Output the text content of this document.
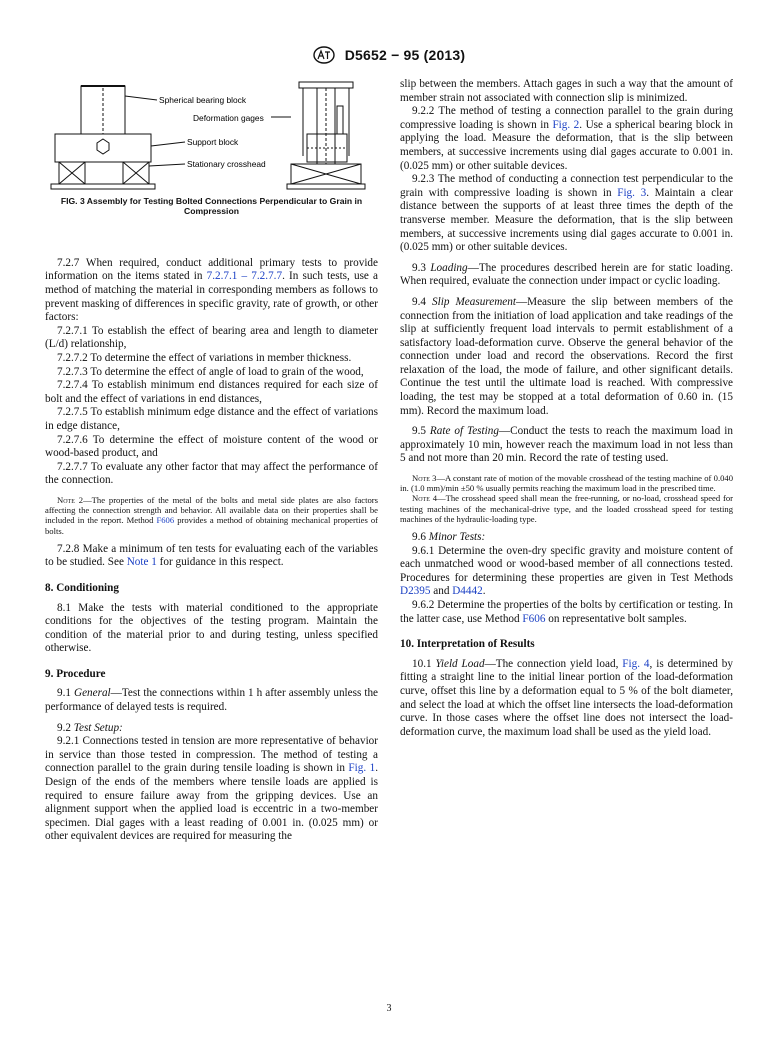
D5652 − 95 (2013)
Spherical bearing block
Deformation gages
Support block
Stationary crosshead
FIG. 3 Assembly for Testing Bolted Connections Perpendicular to Grain in Compression

7.2.7 When required, conduct additional primary tests to provide information on the items stated in 7.2.7.1 – 7.2.7.7. In such tests, use a method of matching the material in corresponding members as follows to prevent masking of differences in specific gravity, rate of growth, or other factors:

7.2.7.1 To establish the effect of bearing area and length to diameter (L/d) relationship,

7.2.7.2 To determine the effect of variations in member thickness.

7.2.7.3 To determine the effect of angle of load to grain of the wood,

7.2.7.4 To establish minimum end distances required for each size of bolt and the effect of variations in end distances,

7.2.7.5 To establish minimum edge distance and the effect of variations in edge distance,

7.2.7.6 To determine the effect of moisture content of the wood or wood-based product, and

7.2.7.7 To evaluate any other factor that may affect the performance of the connection.

Note 2—The properties of the metal of the bolts and metal side plates are also factors affecting the connection strength and behavior. All available data on their properties shall be included in the report. Method F606 provides a method of obtaining mechanical properties of bolts.

7.2.8 Make a minimum of ten tests for evaluating each of the variables to be studied. See Note 1 for guidance in this respect.

8. Conditioning

8.1 Make the tests with material conditioned to the appropriate conditions for the objectives of the testing program. Maintain the condition of the material prior to and during testing, unless specified otherwise.

9. Procedure

9.1 General—Test the connections within 1 h after assembly unless the performance of delayed tests is required.

9.2 Test Setup:

9.2.1 Connections tested in tension are more representative of behavior in service than those tested in compression. The method of testing a connection parallel to the grain during tensile loading is shown in Fig. 1. Design of the ends of the members where tensile loads are applied is required to ensure failure away from the gripping devices. Use an alignment support when the applied load is eccentric in a two-member specimen. Dial gages with a least reading of 0.001 in. (0.025 mm) or other equivalent devices are required for measuring the

slip between the members. Attach gages in such a way that the amount of member strain not associated with connection slip is minimized.

9.2.2 The method of testing a connection parallel to the grain during compressive loading is shown in Fig. 2. Use a spherical bearing block in applying the load. Measure the deformation, that is the slip between members, at successive increments using dial gages accurate to 0.001 in. (0.025 mm) or other suitable devices.

9.2.3 The method of conducting a connection test perpendicular to the grain with compressive loading is shown in Fig. 3. Maintain a clear distance between the supports of at least three times the depth of the transverse member. Measure the deformation, that is the slip between members, at successive increments using dial gages accurate to 0.001 in. (0.025 mm) or other suitable devices.

9.3 Loading—The procedures described herein are for static loading. When required, evaluate the connection under impact or cyclic loading.

9.4 Slip Measurement—Measure the slip between members of the connection from the initiation of load application and take readings of the slip at sufficiently frequent load intervals to permit establishment of a satisfactory load-deformation curve. Observe the general behavior of the connection under load and record the observations. Record the first relaxation of the load, the mode of failure, and other significant details. Continue the test until the ultimate load is reached. With compressive loading, the test may be stopped at a total deformation of 0.60 in. (15 mm). Record the maximum load.

9.5 Rate of Testing—Conduct the tests to reach the maximum load in approximately 10 min, however reach the maximum load in not less than 5 and not more than 20 min. Record the rate of testing used.

Note 3—A constant rate of motion of the movable crosshead of the testing machine of 0.040 in. (1.0 mm)/min ±50 % usually permits reaching the maximum load in the prescribed time.

Note 4—The crosshead speed shall mean the free-running, or no-load, crosshead speed for testing machines of the mechanical-drive type, and the loaded crosshead speed for testing machines of the hydraulic-loading type.

9.6 Minor Tests:

9.6.1 Determine the oven-dry specific gravity and moisture content of each unmatched wood or wood-based member of all connections tested. Procedures for determining these properties are given in Test Methods D2395 and D4442.

9.6.2 Determine the properties of the bolts by certification or testing. In the latter case, use Method F606 on representative bolt samples.

10. Interpretation of Results

10.1 Yield Load—The connection yield load, Fig. 4, is determined by fitting a straight line to the initial linear portion of the load-deformation curve, offset this line by a deformation equal to 5 % of the bolt diameter, and select the load at which the offset line intersects the load-deformation curve. In those cases where the offset line does not intersect the load-deformation curve, the maximum load shall be used as the yield load.

3
